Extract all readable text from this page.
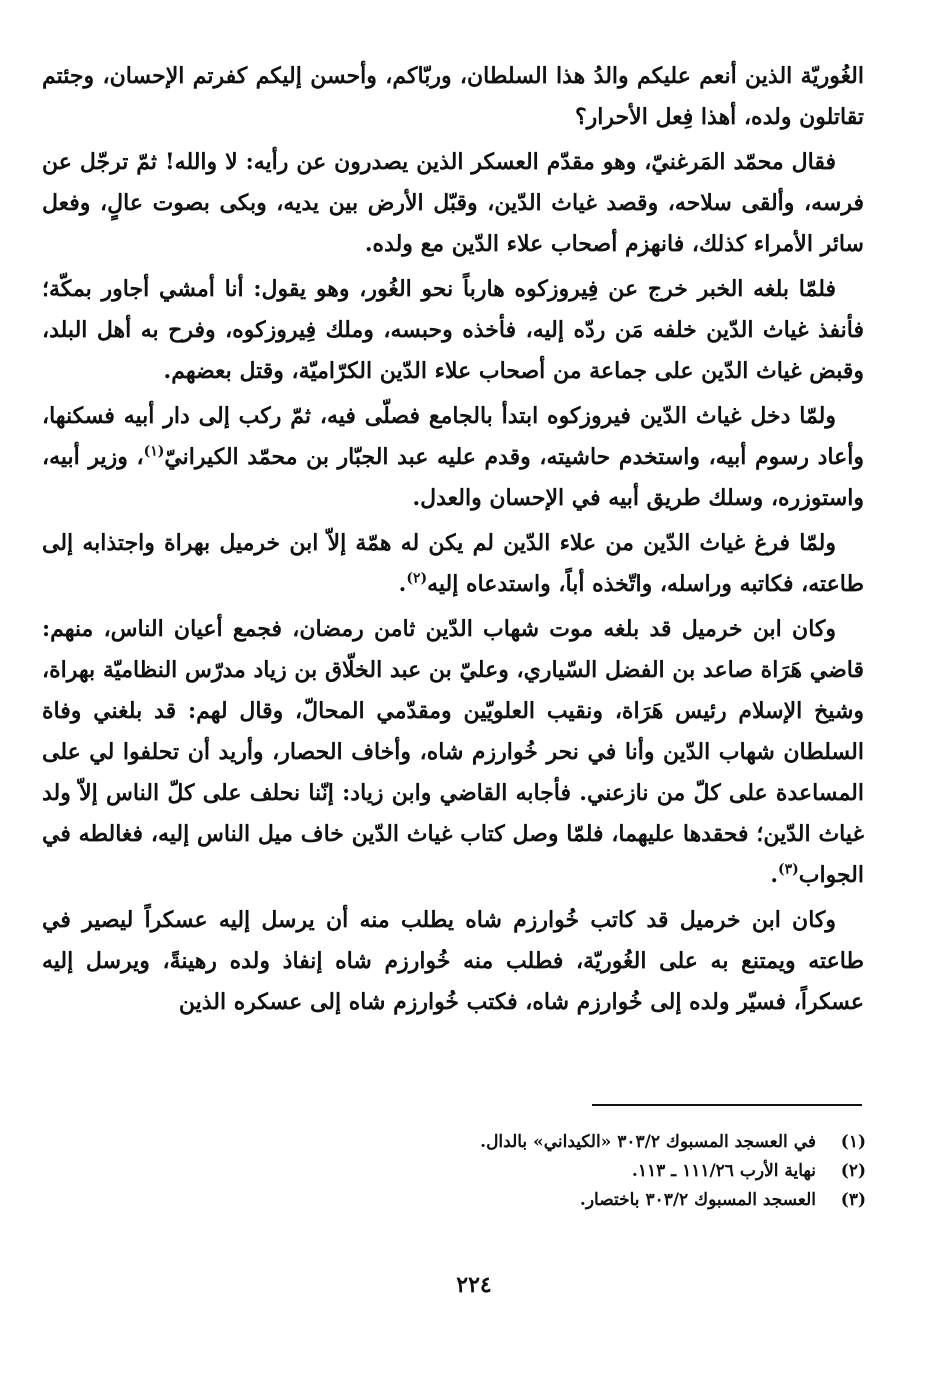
الغُوريّة الذين أنعم عليكم والدُ هذا السلطان، وربّاكم، وأحسن إليكم كفرتم الإحسان، وجئتم تقاتلون ولده، أهذا فِعل الأحرار؟

فقال محمّد المَرغنيّ، وهو مقدّم العسكر الذين يصدرون عن رأيه: لا والله! ثمّ ترجّل عن فرسه، وألقى سلاحه، وقصد غياث الدّين، وقبّل الأرض بين يديه، وبكى بصوت عالٍ، وفعل سائر الأمراء كذلك، فانهزم أصحاب علاء الدّين مع ولده.

فلمّا بلغه الخبر خرج عن فِيروزكوه هارباً نحو الغُور، وهو يقول: أنا أمشي أجاور بمكّة؛ فأنفذ غياث الدّين خلفه مَن ردّه إليه، فأخذه وحبسه، وملك فِيروزكوه، وفرح به أهل البلد، وقبض غياث الدّين على جماعة من أصحاب علاء الدّين الكرّاميّة، وقتل بعضهم.

ولمّا دخل غياث الدّين فيروزكوه ابتدأ بالجامع فصلّى فيه، ثمّ ركب إلى دار أبيه فسكنها، وأعاد رسوم أبيه، واستخدم حاشيته، وقدم عليه عبد الجبّار بن محمّد الكيرانيّ$^{(١)}$، وزير أبيه، واستوزره، وسلك طريق أبيه في الإحسان والعدل.

ولمّا فرغ غياث الدّين من علاء الدّين لم يكن له همّة إلاّ ابن خرميل بهراة واجتذابه إلى طاعته، فكاتبه وراسله، واتّخذه أباً، واستدعاه إليه$^{(٢)}$.

وكان ابن خرميل قد بلغه موت شهاب الدّين ثامن رمضان، فجمع أعيان الناس، منهم: قاضي هَرَاة صاعد بن الفضل السّياري، وعليّ بن عبد الخلّاق بن زياد مدرّس النظاميّة بهراة، وشيخ الإسلام رئيس هَرَاة، ونقيب العلويّين ومقدّمي المحالّ، وقال لهم: قد بلغني وفاة السلطان شهاب الدّين وأنا في نحر خُوارزم شاه، وأخاف الحصار، وأريد أن تحلفوا لي على المساعدة على كلّ من نازعني. فأجابه القاضي وابن زياد: إنّنا نحلف على كلّ الناس إلاّ ولد غياث الدّين؛ فحقدها عليهما، فلمّا وصل كتاب غياث الدّين خاف ميل الناس إليه، فغالطه في الجواب$^{(٣)}$.

وكان ابن خرميل قد كاتب خُوارزم شاه يطلب منه أن يرسل إليه عسكراً ليصير في طاعته ويمتنع به على الغُوريّة، فطلب منه خُوارزم شاه إنفاذ ولده رهينةً، ويرسل إليه عسكراً، فسيّر ولده إلى خُوارزم شاه، فكتب خُوارزم شاه إلى عسكره الذين

(١)
في العسجد المسبوك ٣٠٣/٢ «الكيداني» بالدال.
(٢)
نهاية الأرب ١١١/٢٦ ـ ١١٣.
(٣)
العسجد المسبوك ٣٠٣/٢ باختصار.
٢٢٤
